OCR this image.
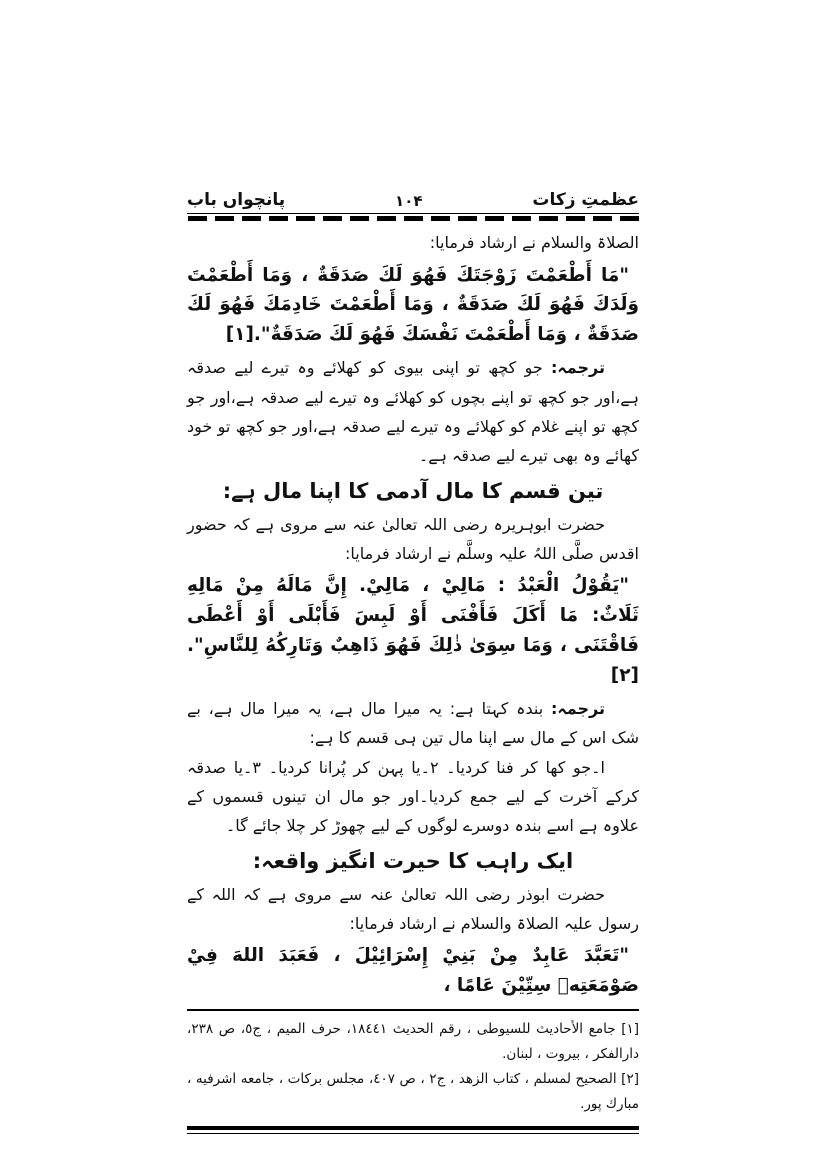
عظمتِ زکات
۱۰۴
پانچواں باب

الصلاۃ والسلام نے ارشاد فرمایا:

"مَا أَطْعَمْتَ زَوْجَتَكَ فَهُوَ لَكَ صَدَقَةٌ ، وَمَا أَطْعَمْتَ وَلَدَكَ فَهُوَ لَكَ صَدَقَةٌ ، وَمَا أَطْعَمْتَ خَادِمَكَ فَهُوَ لَكَ صَدَقَةٌ ، وَمَا أَطْعَمْتَ نَفْسَكَ فَهُوَ لَكَ صَدَقَةٌ".[١]

ترجمہ: جو کچھ تو اپنی بیوی کو کھلائے وہ تیرے لیے صدقہ ہے،اور جو کچھ تو اپنے بچوں کو کھلائے وہ تیرے لیے صدقہ ہے،اور جو کچھ تو اپنے غلام کو کھلائے وہ تیرے لیے صدقہ ہے،اور جو کچھ تو خود کھائے وہ بھی تیرے لیے صدقہ ہے۔

تین قسم کا مال آدمی کا اپنا مال ہے:

حضرت ابوہریرہ رضی اللہ تعالیٰ عنہ سے مروی ہے کہ حضور اقدس صلَّی اللہُ علیہ وسلَّم نے ارشاد فرمایا:

"يَقُوْلُ الْعَبْدُ : مَالِيْ ، مَالِيْ. إِنَّ مَالَهُ مِنْ مَالِهِ ثَلَاثٌ: مَا أَكَلَ فَأَفْنَى أَوْ لَبِسَ فَأَبْلَى أَوْ أَعْطَى فَاقْتَنَى ، وَمَا سِوَىٰ ذٰلِكَ فَهُوَ ذَاهِبٌ وَتَارِكُهُ لِلنَّاسِ".[٢]

ترجمہ: بندہ کہتا ہے: یہ میرا مال ہے، یہ میرا مال ہے، بے شک اس کے مال سے اپنا مال تین ہی قسم کا ہے:

ا۔جو کھا کر فنا کردیا۔ ۲۔یا پہن کر پُرانا کردیا۔ ۳۔یا صدقہ کرکے آخرت کے لیے جمع کردیا۔اور جو مال ان تینوں قسموں کے علاوہ ہے اسے بندہ دوسرے لوگوں کے لیے چھوڑ کر چلا جائے گا۔

ایک راہب کا حیرت انگیز واقعہ:

حضرت ابوذر رضی اللہ تعالیٰ عنہ سے مروی ہے کہ اللہ کے رسول علیہ الصلاۃ والسلام نے ارشاد فرمایا:

"تَعَبَّدَ عَابِدٌ مِنْ بَنِيْ إِسْرَائِيْلَ ، فَعَبَدَ اللهَ فِيْ صَوْمَعَتِهٖ سِتِّيْنَ عَامًا ،

[١] جامع الأحاديث للسيوطى ، رقم الحديث ١٨٤٤١، حرف الميم ، ج٥، ص ٢٣٨، دارالفكر ، بيروت ، لبنان.

[٢] الصحيح لمسلم ، كتاب الزهد ، ج٢ ، ص ٤٠٧، مجلس بركات ، جامعه اشرفيه ، مبارك پور.
